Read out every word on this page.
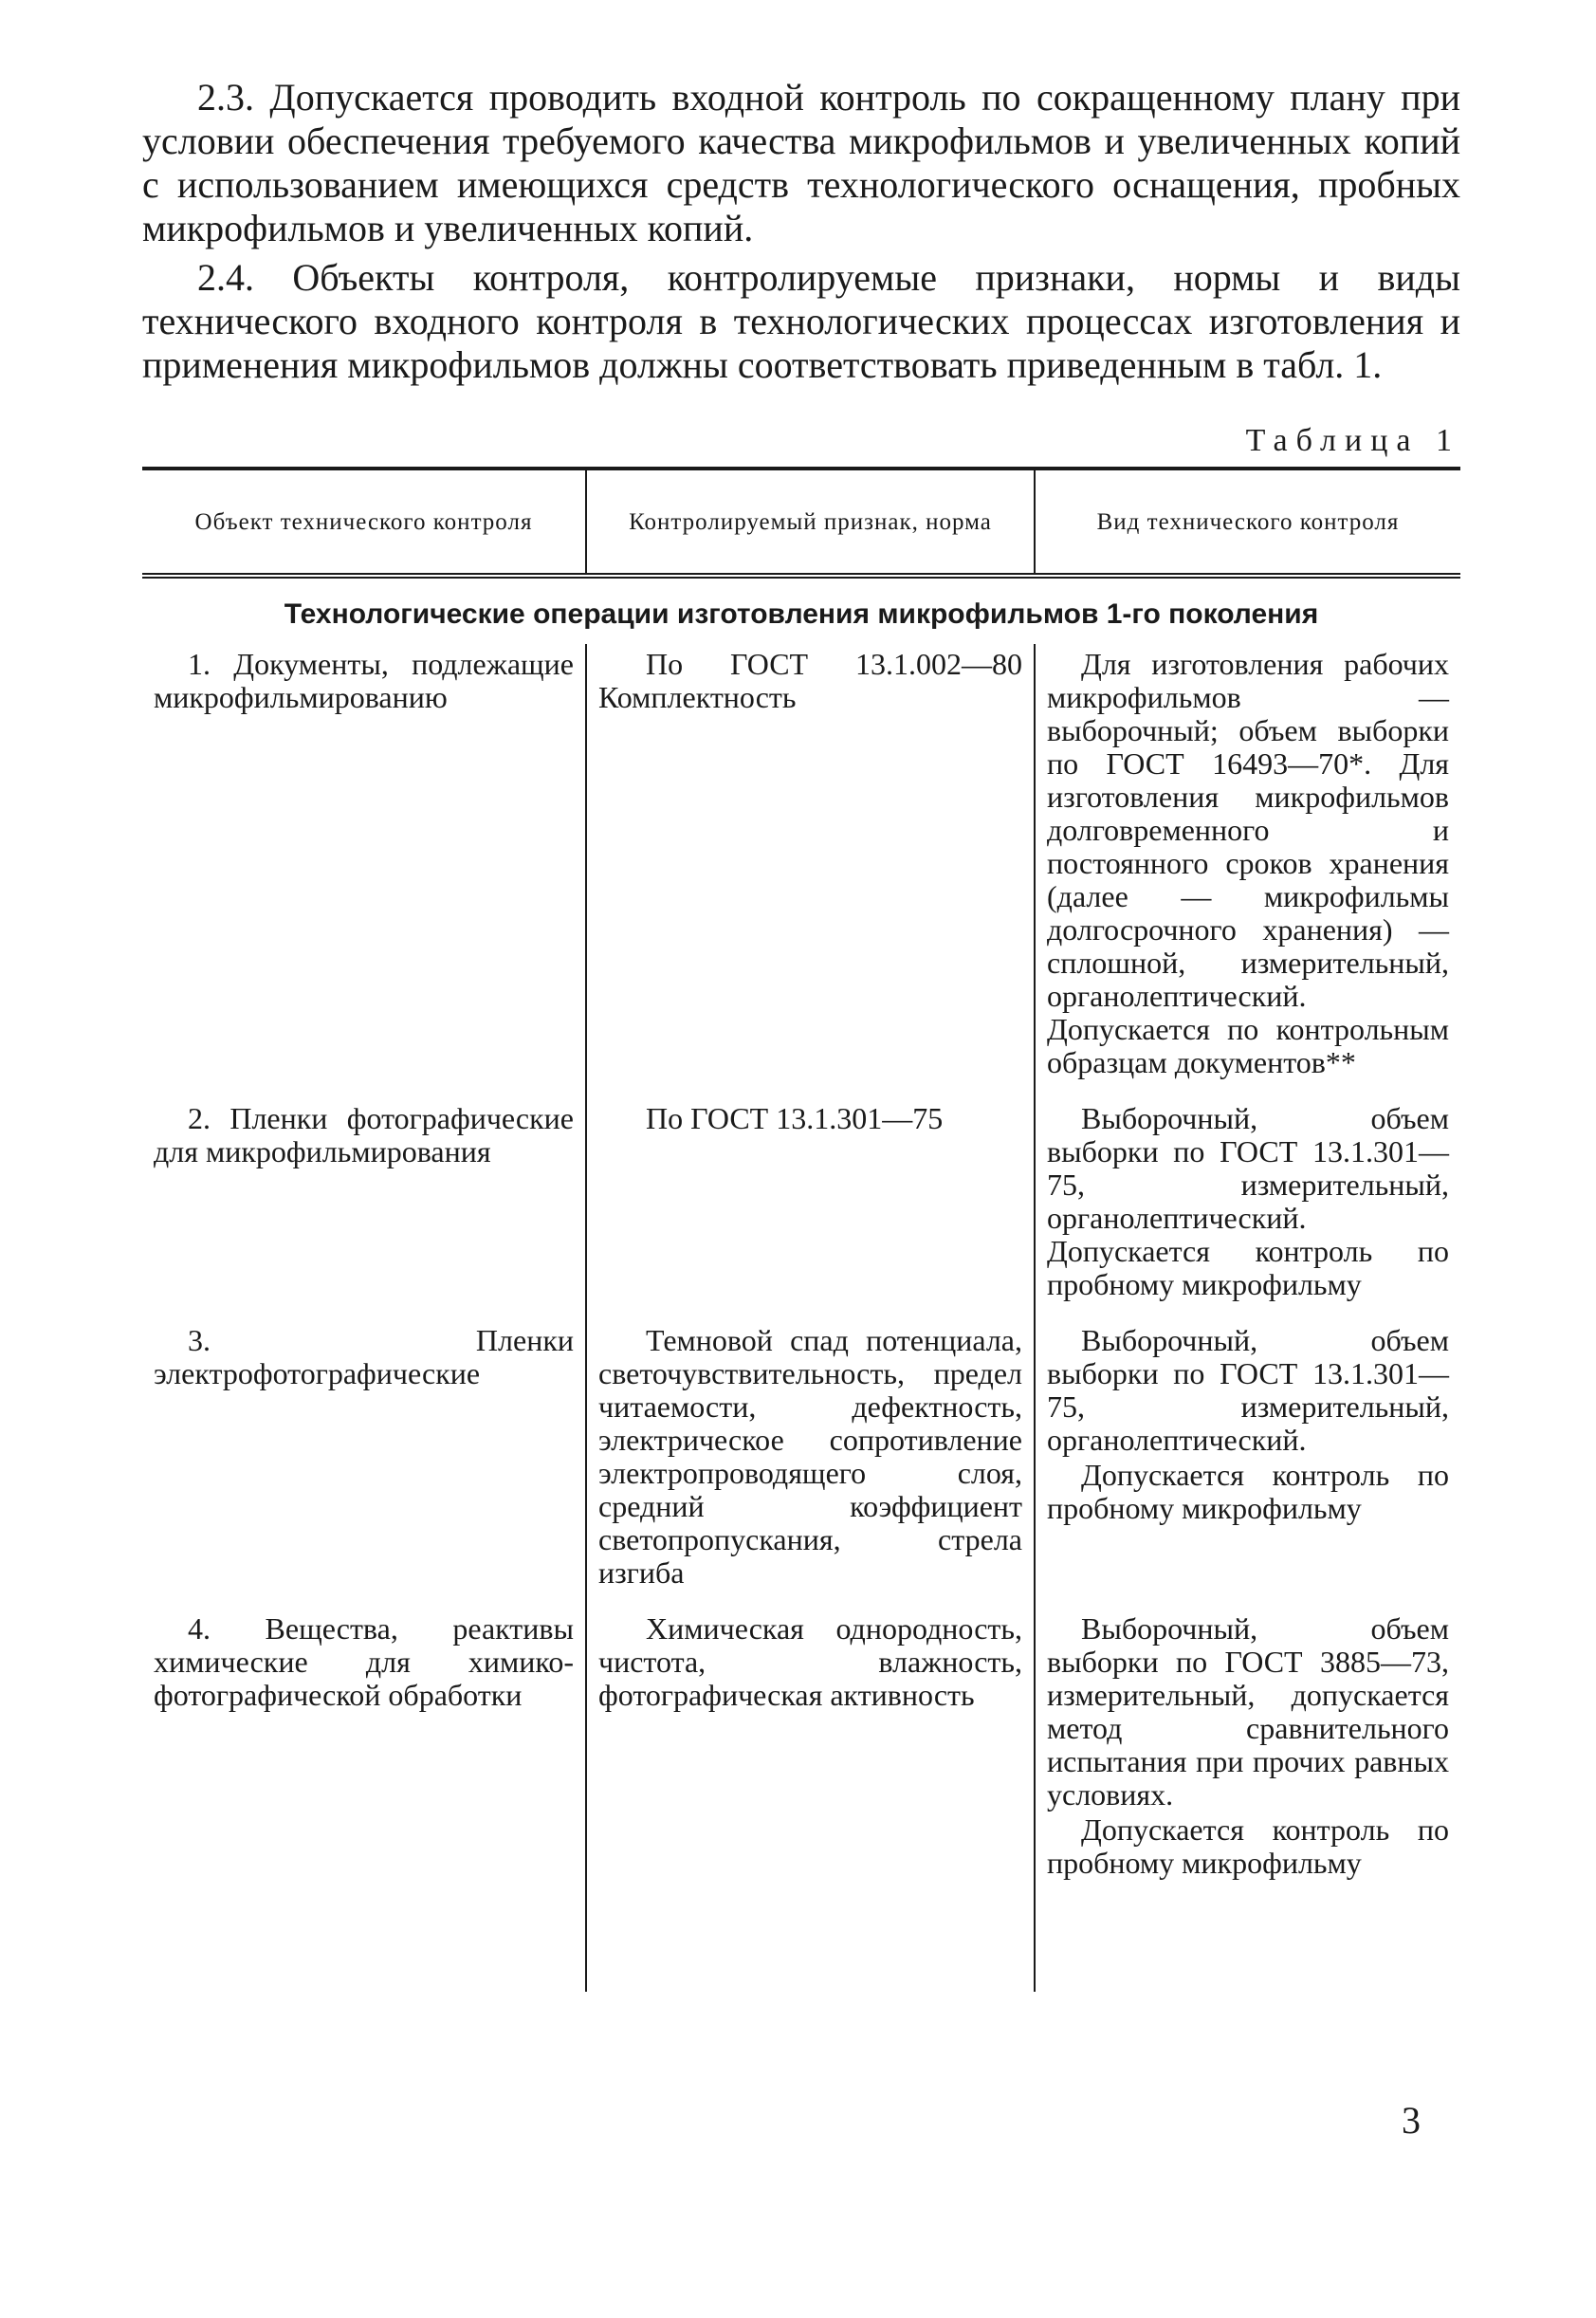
2.3. Допускается проводить входной контроль по сокращенному плану при условии обеспечения требуемого качества микрофильмов и увеличенных копий с использованием имеющихся средств технологического оснащения, пробных микрофильмов и увеличенных копий.

2.4. Объекты контроля, контролируемые признаки, нормы и виды технического входного контроля в технологических процессах изготовления и применения микрофильмов должны соответствовать приведенным в табл. 1.

Таблица 1
Объект технического контроля	Контролируемый признак, норма	Вид технического контроля
Технологические операции изготовления микрофильмов 1-го поколения		
1. Документы, подлежащие микрофильмированию	По ГОСТ 13.1.002—80 Комплектность	Для изготовления рабочих микрофильмов — выборочный; объем выборки по ГОСТ 16493—70*. Для изготовления микрофильмов долговременного и постоянного сроков хранения (далее — микрофильмы долгосрочного хранения) — сплошной, измерительный, органолептический. Допускается по контрольным образцам документов**
2. Пленки фотографические для микрофильмирования	По ГОСТ 13.1.301—75	Выборочный, объем выборки по ГОСТ 13.1.301—75, измерительный, органолептический. Допускается контроль по пробному микрофильму
3. Пленки электрофотографические	Темновой спад потенциала, светочувствительность, предел читаемости, дефектность, электрическое сопротивление электропроводящего слоя, средний коэффициент светопропускания, стрела изгиба	Выборочный, объем выборки по ГОСТ 13.1.301—75, измерительный, органолептический.
Допускается контроль по пробному микрофильму

4. Вещества, реактивы химические для химико-фотографической обработки	Химическая однородность, чистота, влажность, фотографическая активность	Выборочный, объем выборки по ГОСТ 3885—73, измерительный, допускается метод сравнительного испытания при прочих равных условиях.
Допускается контроль по пробному микрофильму
3
